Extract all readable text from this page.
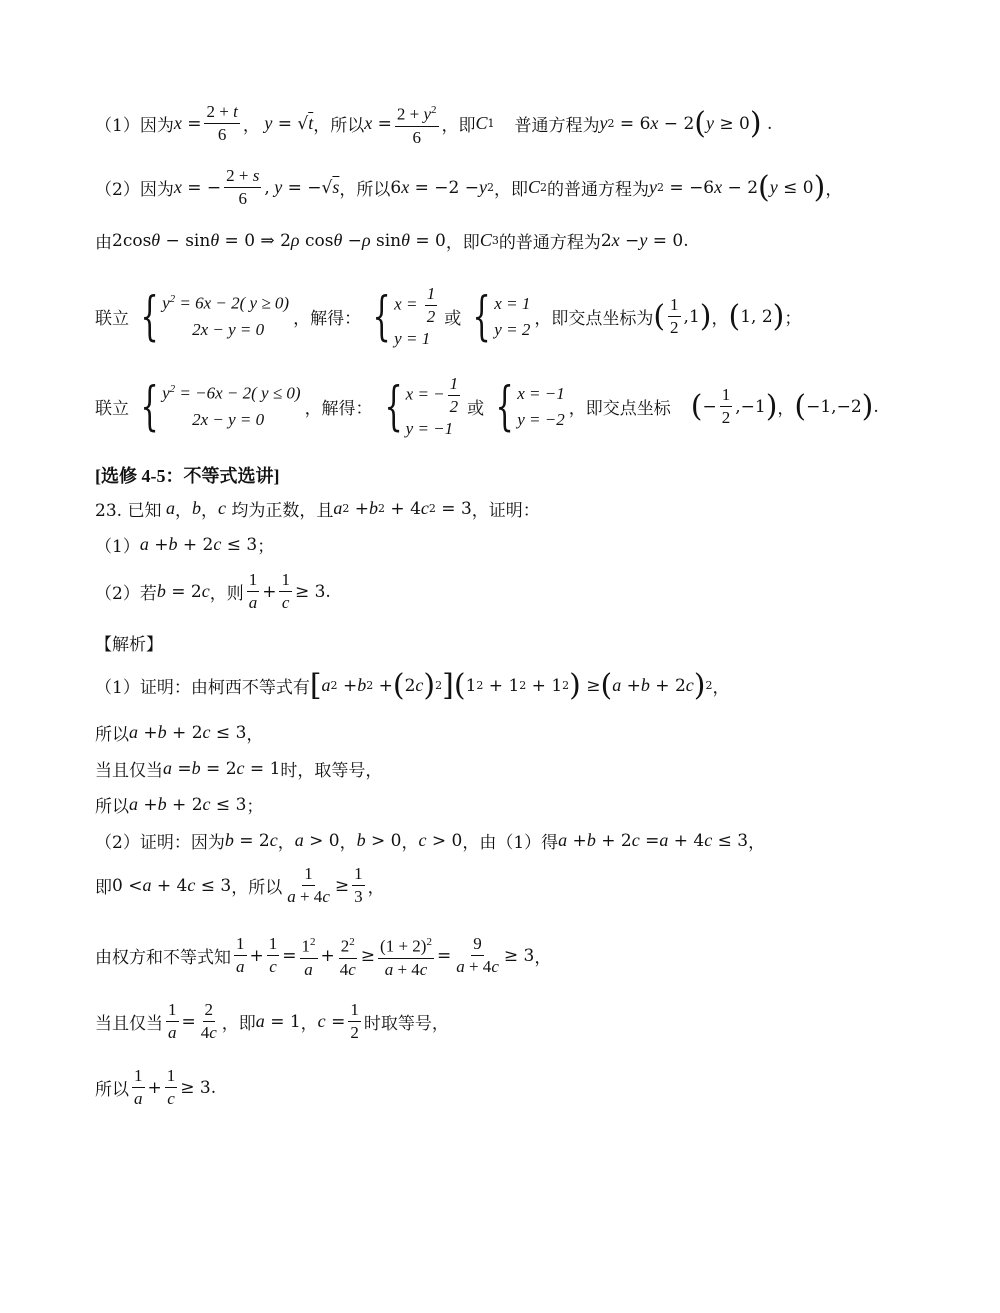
（1）因为 $x = \frac{2 + t}{6}$ ， y = √ t ，所以 $x = \frac{2 + y^2}{6}$ ，即 C 1 普通方程为 y 2 = 6 x − 2 ( y ≥ 0 )
.
（2）因为 x = − $\frac{2 + s}{6}$ , y = −√ s ，所以 6 x = −2 − y 2 ，即 C 2 的普通方程为 y 2 = −6 x − 2 ( y ≤ 0 ) ，
由 2cos θ − sin θ = 0 ⇒ 2 ρ cos θ − ρ sin θ = 0 ，即 C 3 的普通方程为 2 x − y = 0 .
联立 { $y^2 = 6x - 2$( y ≥ 0)
2x − y = 0
，解得： { $x = \frac{1}{2}$
y = 1
或 { x = 1
y = 2 ，即交点坐标为 ( $\frac{1}{2} ,1$ ) ， ( 1, 2 ) ；
联立 { $y^2 = -6x - 2$( y ≤ 0)
2x − y = 0
，解得： { x = − $\frac{1}{2}$
y = −1
或 { x = −1
y = −2 ，即交点坐标 ( − $\frac{1}{2} ,-1$ ) ， ( −1,−2 ) .
[选修 4-5：不等式选讲]
23. 已知 a ， b ， c
均为正数，且 a 2 + b 2 + 4 c 2 = 3 ，证明：
（1） a + b + 2 c ≤ 3 ；
（2）若 b = 2 c ，则 $\frac{1}{a} + \frac{1}{c} \ge 3$ .
【解析】
（1）证明：由柯西不等式有 [ a 2 + b 2 + ( 2 c ) 2 ] ( 1 2 + 1 2 + 1 2 ) ≥ ( a + b + 2 c ) 2 ，
所以 a + b + 2 c ≤ 3 ，
当且仅当 a = b = 2 c = 1 时，取等号，
所以 a + b + 2 c ≤ 3 ；
（2）证明：因为 b = 2 c ， a > 0 ， b > 0 ， c > 0 ，由（1）得 a + b + 2 c = a + 4 c ≤ 3 ，
即 0 < a + 4 c ≤ 3 ，所以 $\frac{1}{a + 4c} \ge \frac{1}{3}$ ，
由权方和不等式知 $\frac{1}{a} + \frac{1}{c} = \frac{1^2}{a} + \frac{2^2}{4c} \ge \frac{(1 + 2)^2}{a + 4c} = \frac{9}{a + 4c} \ge 3$ ，
当且仅当 $\frac{1}{a} = \frac{2}{4c}$ ，即 a = 1 ， $c = \frac{1}{2}$ 时取等号，
所以 $\frac{1}{a} + \frac{1}{c} \ge 3$ .
